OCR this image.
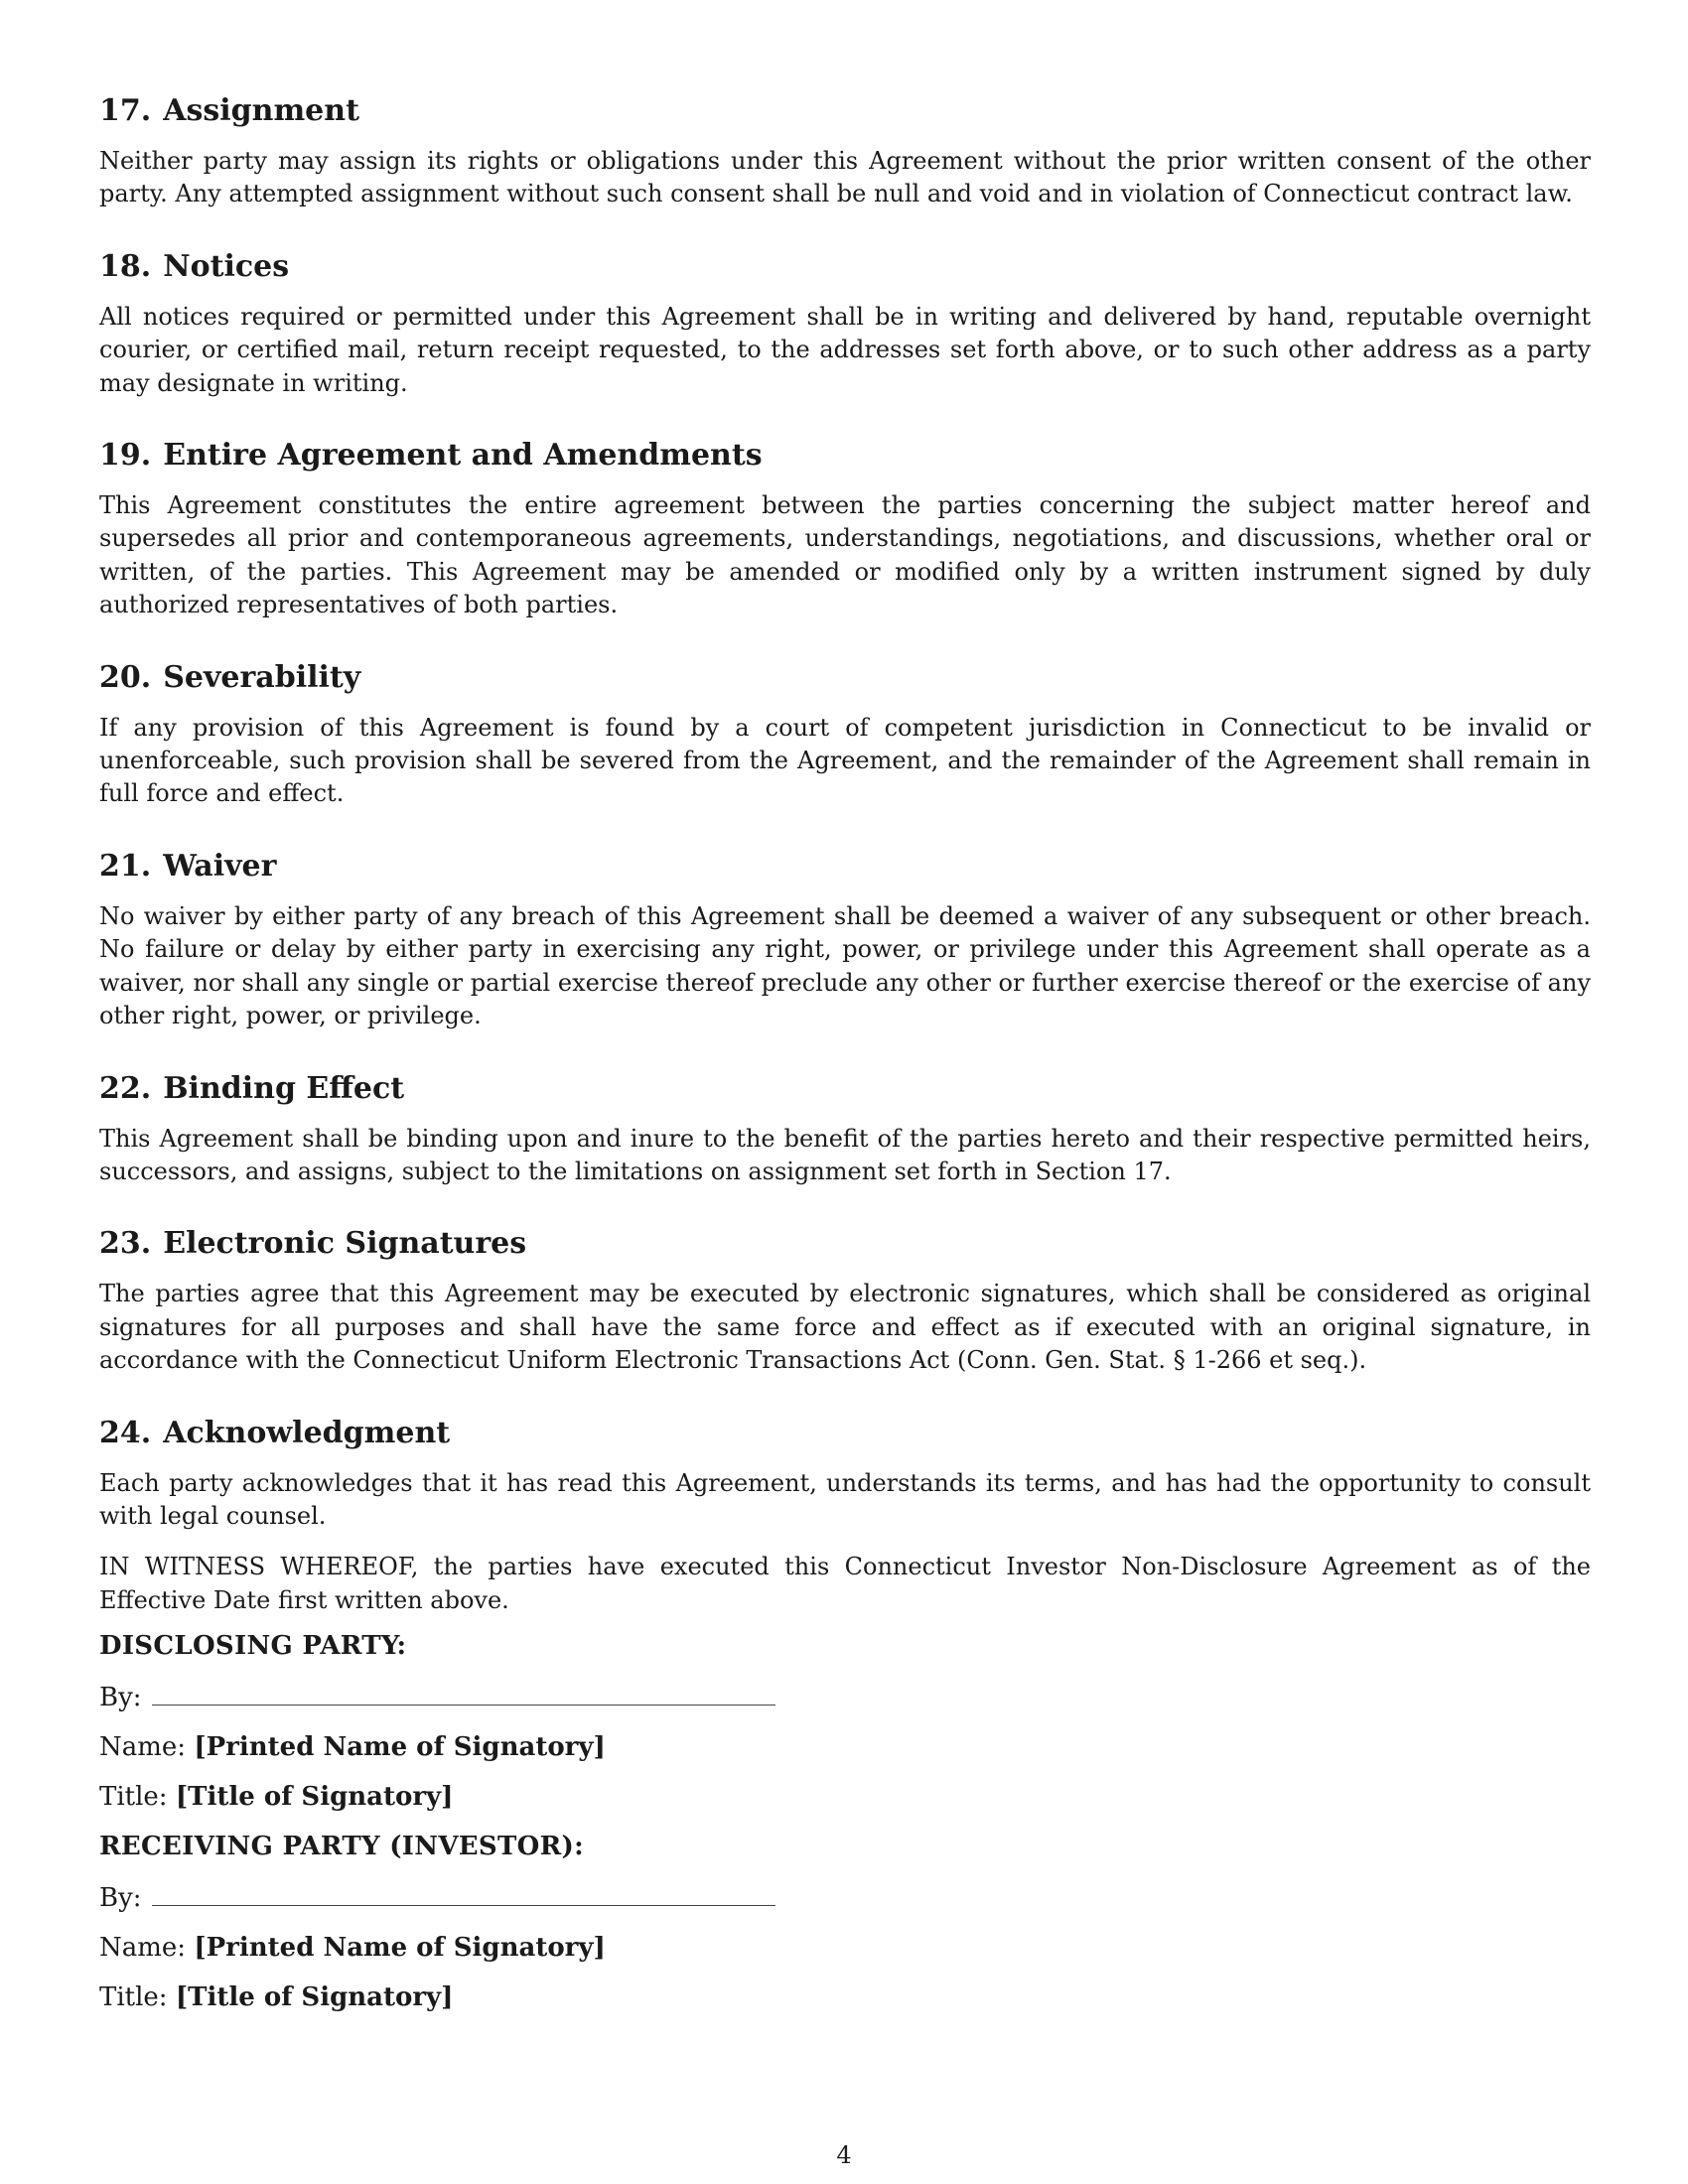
17. Assignment

Neither party may assign its rights or obligations under this Agreement without the prior written consent of the other party. Any attempted assignment without such consent shall be null and void and in violation of Connecticut contract law.

18. Notices

All notices required or permitted under this Agreement shall be in writing and delivered by hand, reputable overnight courier, or certified mail, return receipt requested, to the addresses set forth above, or to such other address as a party may designate in writing.

19. Entire Agreement and Amendments

This Agreement constitutes the entire agreement between the parties concerning the subject matter hereof and supersedes all prior and contemporaneous agreements, understandings, negotiations, and discussions, whether oral or written, of the parties. This Agreement may be amended or modified only by a written instrument signed by duly authorized representatives of both parties.

20. Severability

If any provision of this Agreement is found by a court of competent jurisdiction in Connecticut to be invalid or unenforceable, such provision shall be severed from the Agreement, and the remainder of the Agreement shall remain in full force and effect.

21. Waiver

No waiver by either party of any breach of this Agreement shall be deemed a waiver of any subsequent or other breach. No failure or delay by either party in exercising any right, power, or privilege under this Agreement shall operate as a waiver, nor shall any single or partial exercise thereof preclude any other or further exercise thereof or the exercise of any other right, power, or privilege.

22. Binding Effect

This Agreement shall be binding upon and inure to the benefit of the parties hereto and their respective permitted heirs, successors, and assigns, subject to the limitations on assignment set forth in Section 17.

23. Electronic Signatures

The parties agree that this Agreement may be executed by electronic signatures, which shall be considered as original signatures for all purposes and shall have the same force and effect as if executed with an original signature, in accordance with the Connecticut Uniform Electronic Transactions Act (Conn. Gen. Stat. § 1-266 et seq.).

24. Acknowledgment

Each party acknowledges that it has read this Agreement, understands its terms, and has had the opportunity to consult with legal counsel.

IN WITNESS WHEREOF, the parties have executed this Connecticut Investor Non-Disclosure Agreement as of the Effective Date first written above.

DISCLOSING PARTY:
By:
Name: [Printed Name of Signatory]
Title: [Title of Signatory]
RECEIVING PARTY (INVESTOR):
By:
Name: [Printed Name of Signatory]
Title: [Title of Signatory]
4
